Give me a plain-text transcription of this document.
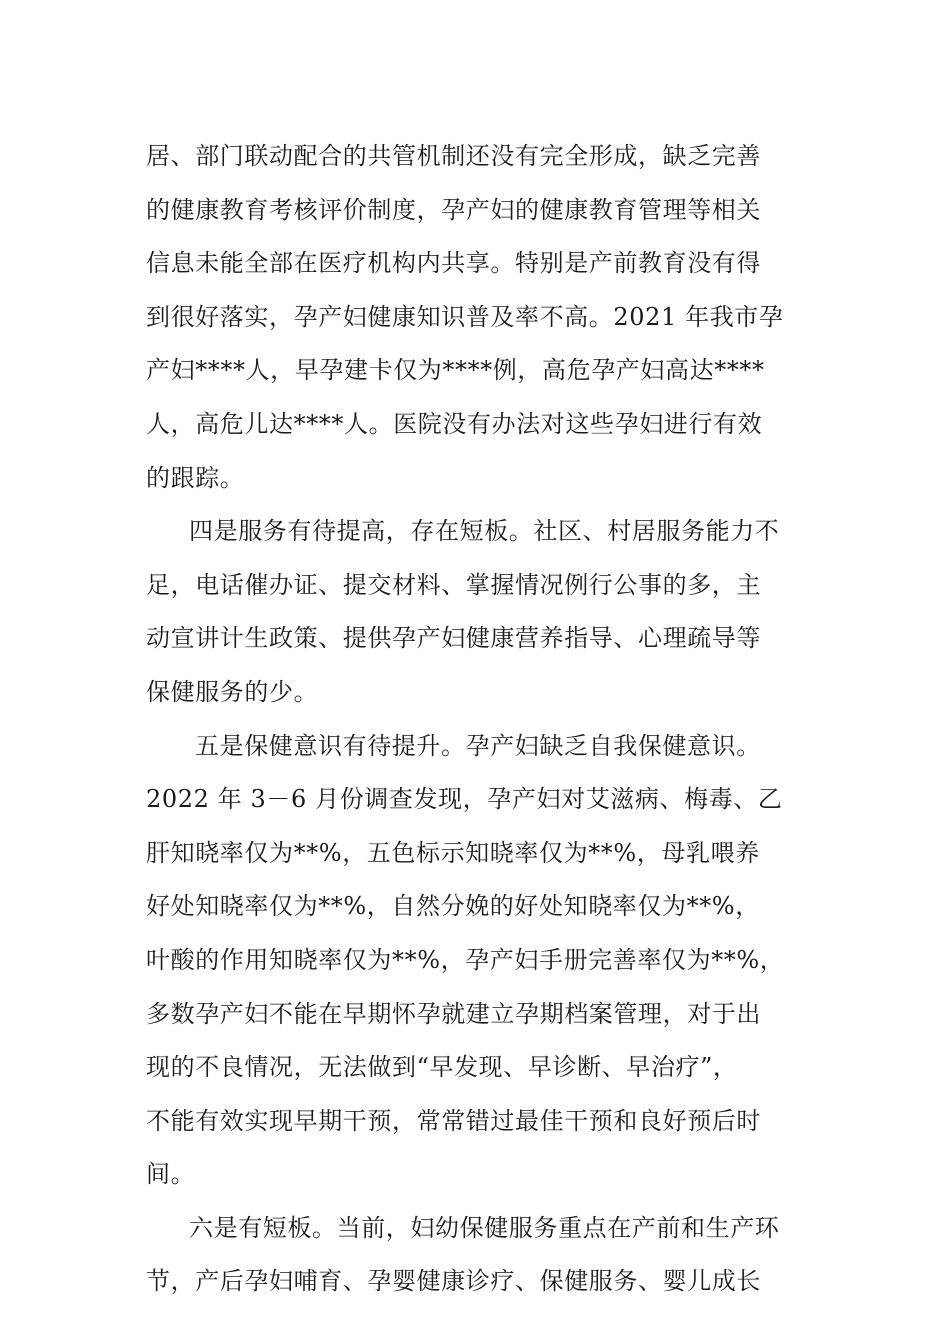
居、部门联动配合的共管机制还没有完全形成，缺乏完善
的健康教育考核评价制度，孕产妇的健康教育管理等相关
信息未能全部在医疗机构内共享。特别是产前教育没有得
到很好落实，孕产妇健康知识普及率不高。2021 年我市孕
产妇****人，早孕建卡仅为****例，高危孕产妇高达****
人，高危儿达****人。医院没有办法对这些孕妇进行有效
的跟踪。
四是服务有待提高，存在短板。社区、村居服务能力不
足，电话催办证、提交材料、掌握情况例行公事的多，主
动宣讲计生政策、提供孕产妇健康营养指导、心理疏导等
保健服务的少。
五是保健意识有待提升。孕产妇缺乏自我保健意识。
2022 年 3－6 月份调查发现，孕产妇对艾滋病、梅毒、乙
肝知晓率仅为**%，五色标示知晓率仅为**%，母乳喂养
好处知晓率仅为**%，自然分娩的好处知晓率仅为**%，
叶酸的作用知晓率仅为**%，孕产妇手册完善率仅为**%，
多数孕产妇不能在早期怀孕就建立孕期档案管理，对于出
现的不良情况，无法做到“早发现、早诊断、早治疗”，
不能有效实现早期干预，常常错过最佳干预和良好预后时
间。
六是有短板。当前，妇幼保健服务重点在产前和生产环
节，产后孕妇哺育、孕婴健康诊疗、保健服务、婴儿成长
